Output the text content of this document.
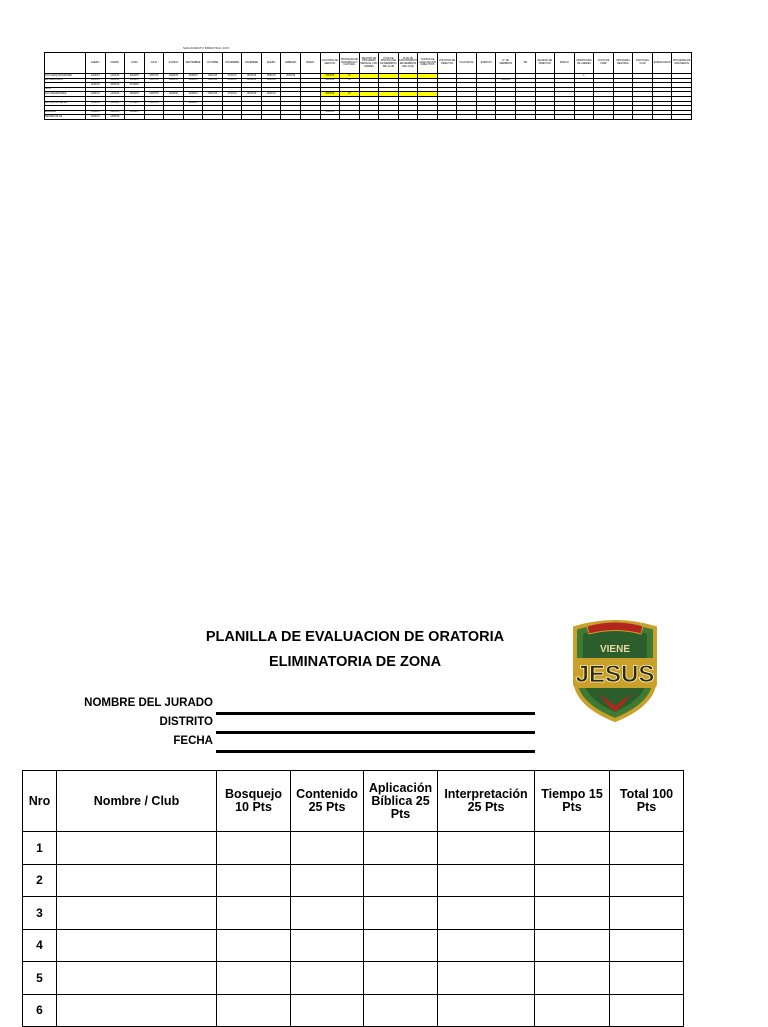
SEGUIMIENTO BIMESTRAL 2015
	ENERO	MARZO	JUNIO	JULIO	AGOSTO	SEPTIEMBRE	OCTUBRE	NOVIEMBRE	DICIEMBRE	ENERO	FEBRERO	MARZO	VOLUNTAD DE SERVICIO	PROGRAMA DE DESARROLLO CULTURAL	REUNION DE PROGRAMA MENSUAL CON LIDERES	PLAN DE DISCIPULADO DE MIEMBROS DEL CLUB	PLAN DE CONOCIMIENTO DE MIEMBROS DEL CLUB	CURSOS DE CAPACITACION DIRECTIVOS	VOLUNTAD DE DIRECTIVA	PLAN ANUAL	EVENTOS	N° DE MIEMBROS	SPI	REUNION DE DIRECTIVA	BASICO	INVESTIDURA DE LIDERES	CUOTA DE CAMP	PROGRAMA REGIONAL	DATOS DEL CLUB	ESPECIALIDAD	PROGRAMA DE MISIONEROS
LOS CONQUISTADORES	12/01/15	14/03/15	06/06/15	04/07/15	16/08/15	12/09/15	03/10/15	07/11/15	05/12/15	15/01/16	20/02/16		15/03/15	10												1					
ESTRELLA AZUL	10/01/15	14/03/15	06/06/15	04/07/15	14/08/15	12/09/15	03/10/15	08/11/15	06/12/15	16/01/16			12/03/15	10								18/03/15									
	11/01/15	15/03/15	07/06/15																												
SION																															
LOS VENCEDORES	10/01/15	14/03/15	06/06/15	04/07/15	16/08/15	12/09/15	03/10/15	07/11/15	05/12/15	16/01/16			15/03/15	10																	

ANTORCHAS DE FE	11/01/15	15/03/15	07/06/15	05/07/15		13/09/15																									

EMANUEL	10/01/15	14/03/15	06/06/15										15/03/15																		
HEROES DE FE	10/01/15	14/03/15																													
PLANILLA DE EVALUACION DE ORATORIA
ELIMINATORIA DE ZONA
VIENE
JESUS
NOMBRE DEL JURADO
DISTRITO
FECHA
Nro	Nombre / Club	Bosquejo 10 Pts	Contenido 25 Pts	Aplicación Bíblica 25 Pts	Interpretación 25 Pts	Tiempo 15 Pts	Total 100 Pts
1							
2							
3							
4							
5							
6							
